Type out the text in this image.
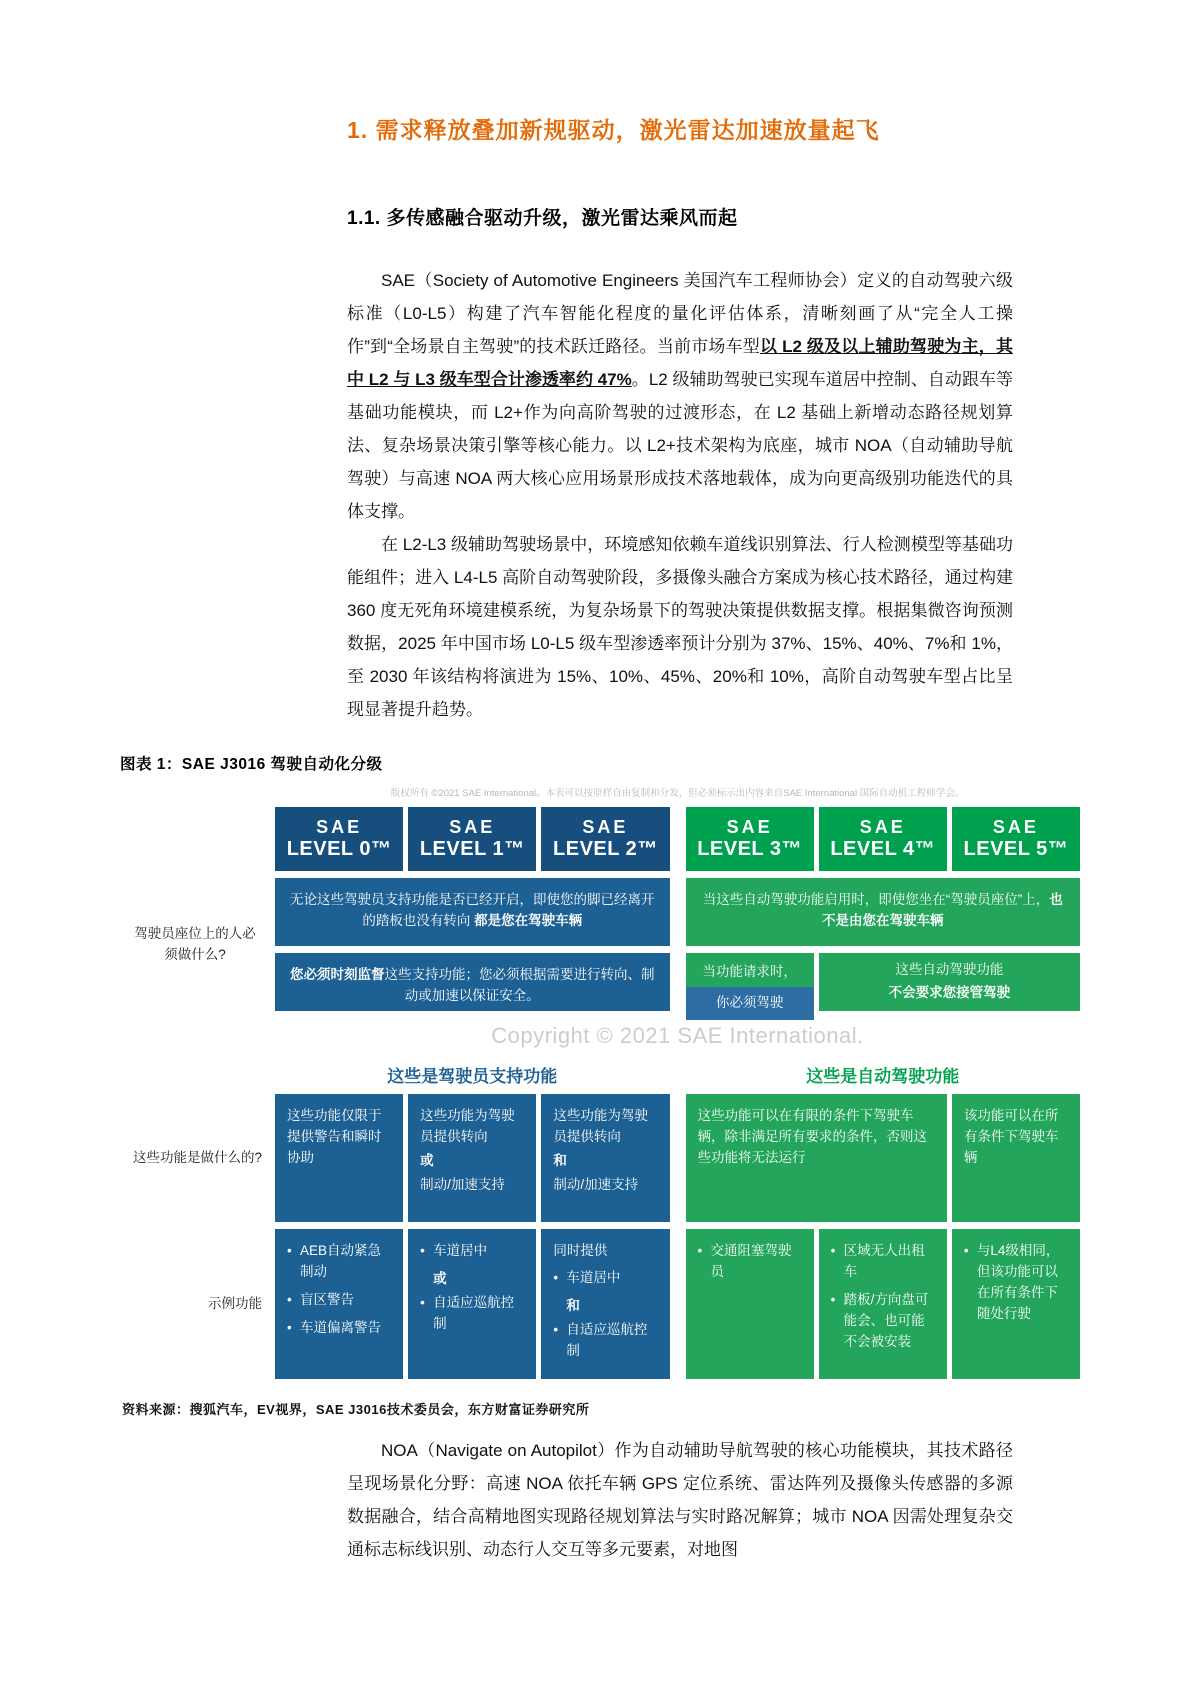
1. 需求释放叠加新规驱动，激光雷达加速放量起飞
1.1. 多传感融合驱动升级，激光雷达乘风而起

SAE（Society of Automotive Engineers 美国汽车工程师协会）定义的自动驾驶六级标准（L0-L5）构建了汽车智能化程度的量化评估体系，清晰刻画了从“完全人工操作”到“全场景自主驾驶”的技术跃迁路径。当前市场车型以 L2 级及以上辅助驾驶为主，其中 L2 与 L3 级车型合计渗透率约 47%。L2 级辅助驾驶已实现车道居中控制、自动跟车等基础功能模块，而 L2+作为向高阶驾驶的过渡形态，在 L2 基础上新增动态路径规划算法、复杂场景决策引擎等核心能力。以 L2+技术架构为底座，城市 NOA（自动辅助导航驾驶）与高速 NOA 两大核心应用场景形成技术落地载体，成为向更高级别功能迭代的具体支撑。

在 L2-L3 级辅助驾驶场景中，环境感知依赖车道线识别算法、行人检测模型等基础功能组件；进入 L4-L5 高阶自动驾驶阶段，多摄像头融合方案成为核心技术路径，通过构建 360 度无死角环境建模系统，为复杂场景下的驾驶决策提供数据支撑。根据集微咨询预测数据，2025 年中国市场 L0-L5 级车型渗透率预计分别为 37%、15%、40%、7%和 1%，至 2030 年该结构将演进为 15%、10%、45%、20%和 10%，高阶自动驾驶车型占比呈现显著提升趋势。

图表 1：SAE J3016 驾驶自动化分级
版权所有 ©2021 SAE International。本表可以按原样自由复制和分发，但必须标示出内容来自SAE International 国际自动机工程师学会。
SAE
LEVEL 0™
SAE
LEVEL 1™
SAE
LEVEL 2™
SAE
LEVEL 3™
SAE
LEVEL 4™
SAE
LEVEL 5™
驾驶员座位上的人必须做什么?
无论这些驾驶员支持功能是否已经开启，即使您的脚已经离开的踏板也没有转向 都是您在驾驶车辆
当这些自动驾驶功能启用时，即使您坐在“驾驶员座位”上，也不是由您在驾驶车辆
您必须时刻监督这些支持功能；您必须根据需要进行转向、制动或加速以保证安全。
当功能请求时，
你必须驾驶
这些自动驾驶功能
不会要求您接管驾驶
Copyright © 2021 SAE International.
这些是驾驶员支持功能	这些是自动驾驶功能
这些功能是做什么的?
这些功能仅限于提供警告和瞬时协助
这些功能为驾驶员提供转向
或
制动/加速支持
这些功能为驾驶员提供转向
和
制动/加速支持
这些功能可以在有限的条件下驾驶车辆，除非满足所有要求的条件，否则这些功能将无法运行
该功能可以在所有条件下驾驶车辆
示例功能
• AEB自动紧急制动
• 盲区警告
• 车道偏离警告
• 车道居中
或
• 自适应巡航控制
同时提供
• 车道居中
和
• 自适应巡航控制
• 交通阻塞驾驶员
• 区域无人出租车
• 踏板/方向盘可能会、也可能不会被安装
• 与L4级相同，但该功能可以在所有条件下随处行驶
资料来源：搜狐汽车，EV视界，SAE J3016技术委员会，东方财富证券研究所

NOA（Navigate on Autopilot）作为自动辅助导航驾驶的核心功能模块，其技术路径呈现场景化分野：高速 NOA 依托车辆 GPS 定位系统、雷达阵列及摄像头传感器的多源数据融合，结合高精地图实现路径规划算法与实时路况解算；城市 NOA 因需处理复杂交通标志标线识别、动态行人交互等多元要素，对地图
